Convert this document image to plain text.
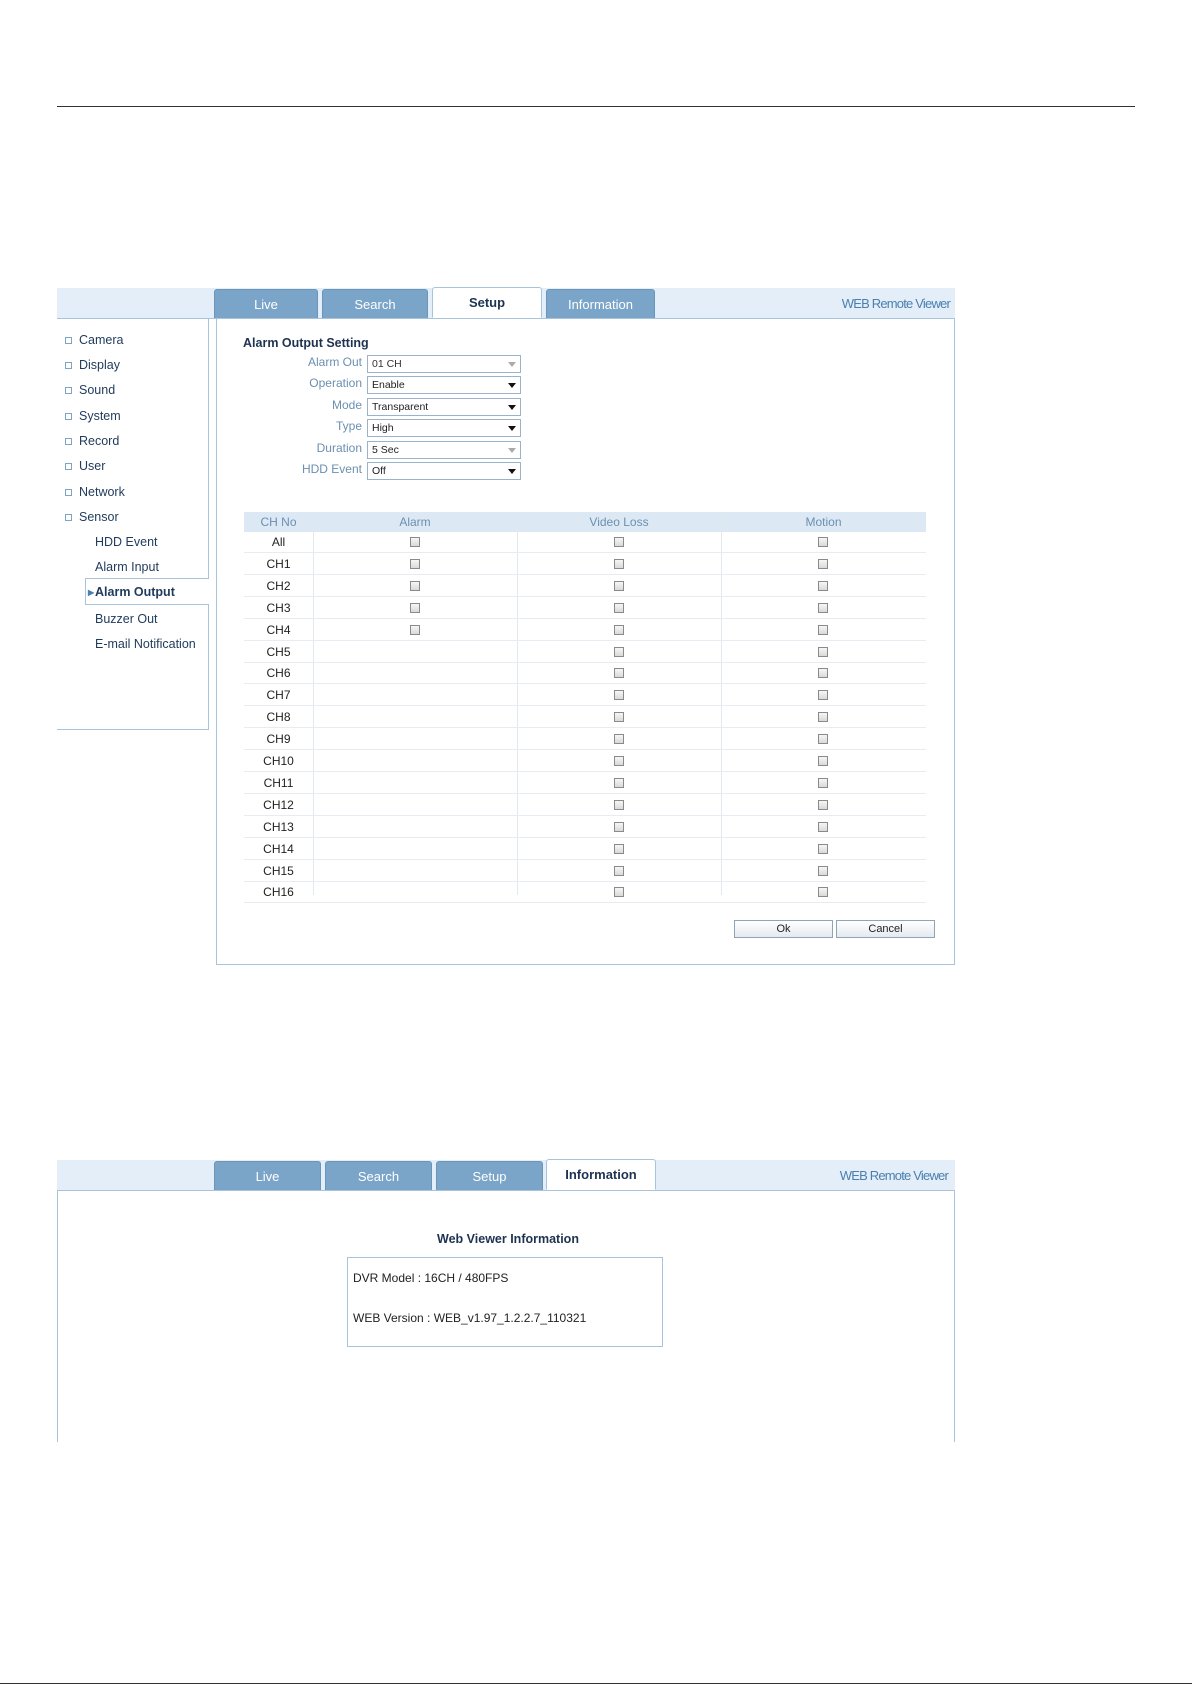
Live	Search	Setup	Information	WEB Remote Viewer
Camera
Display
Sound
System
Record
User
Network
Sensor
HDD Event
Alarm Input
▶ Alarm Output
Buzzer Out
E-mail Notification
Alarm Output Setting
Alarm Out 01 CH
Operation Enable
Mode Transparent
Type High
Duration 5 Sec
HDD Event Off
CH No	Alarm	Video Loss	Motion
All
CH1
CH2
CH3
CH4
CH5
CH6
CH7
CH8
CH9
CH10
CH11
CH12
CH13
CH14
CH15
CH16
Ok	Cancel
Live	Search	Setup	Information	WEB Remote Viewer
Web Viewer Information
DVR Model : 16CH / 480FPS
WEB Version : WEB_v1.97_1.2.2.7_110321
